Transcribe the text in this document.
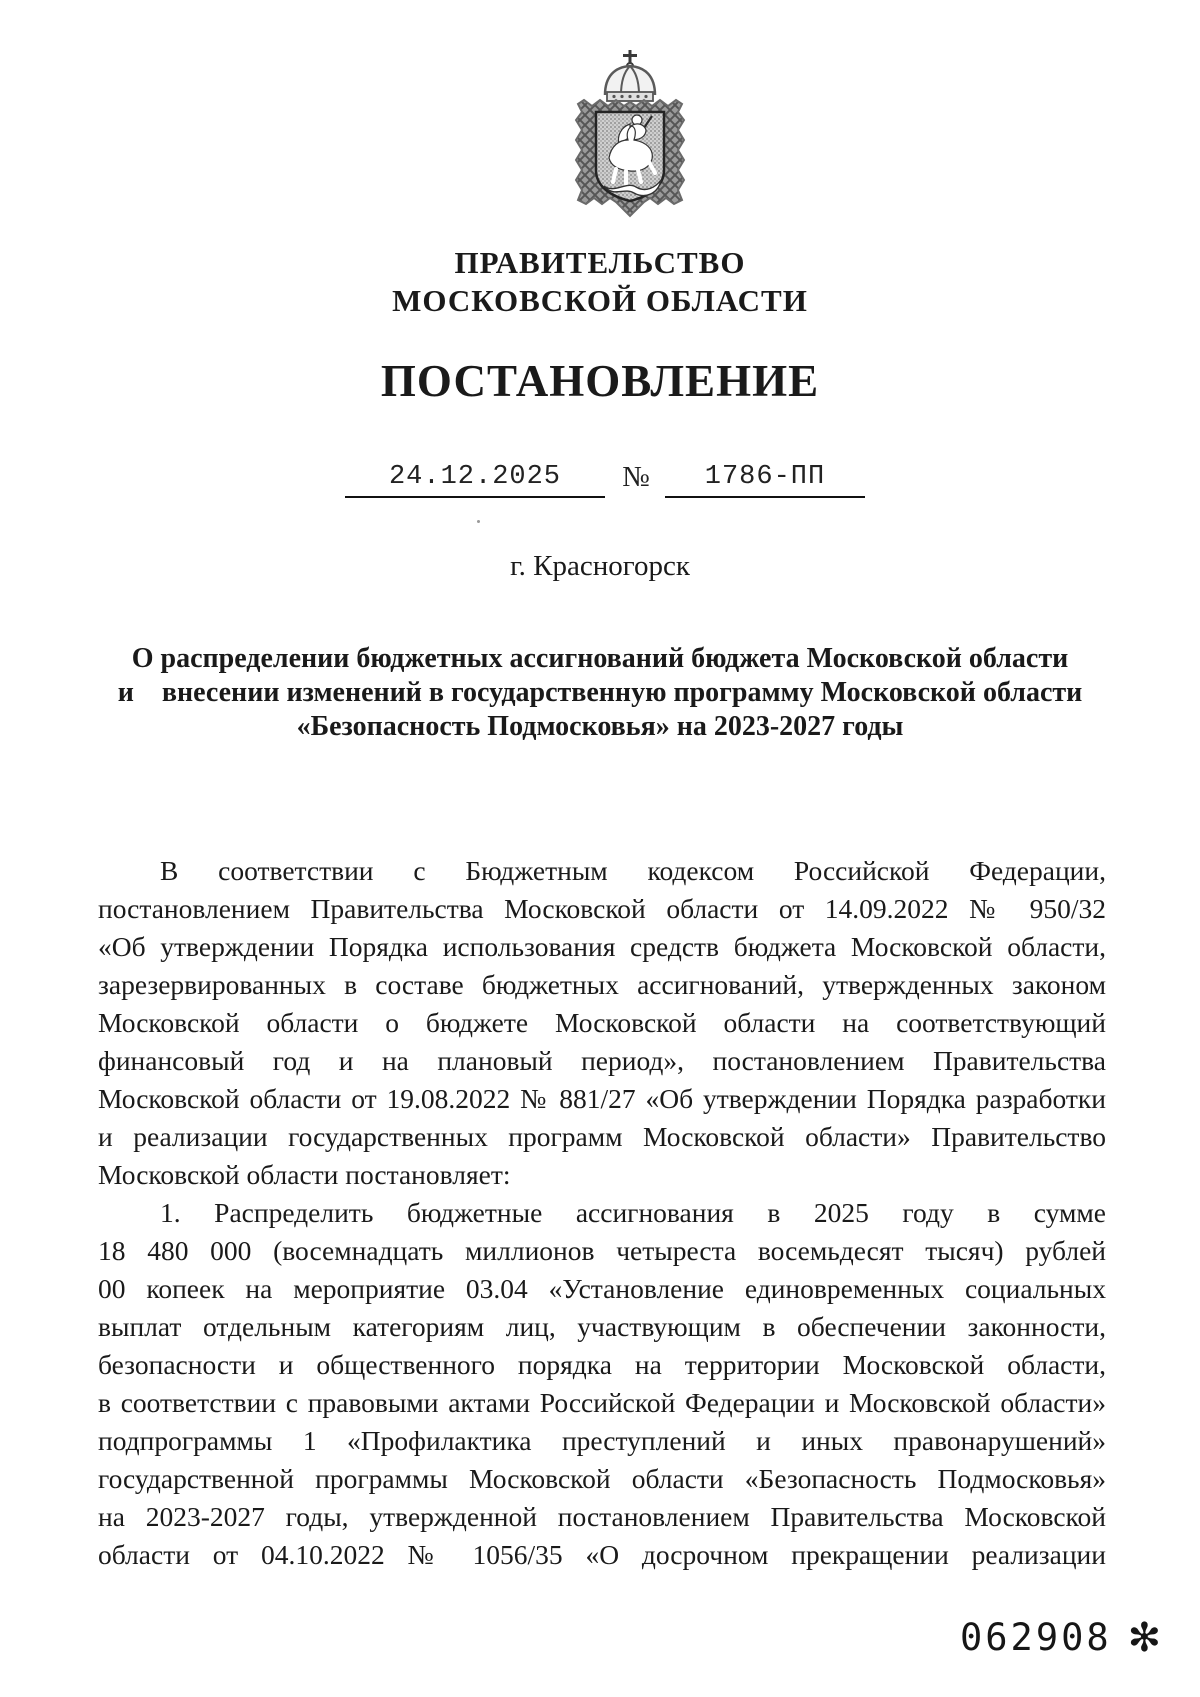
ПРАВИТЕЛЬСТВО
МОСКОВСКОЙ ОБЛАСТИ
ПОСТАНОВЛЕНИЕ
24.12.2025	№	1786-ПП
г. Красногорск
О распределении бюджетных ассигнований бюджета Московской области
и    внесении изменений в государственную программу Московской области
«Безопасность Подмосковья» на 2023-2027 годы
В соответствии с Бюджетным кодексом Российской Федерации,
постановлением Правительства Московской области от 14.09.2022 № 950/32
«Об утверждении Порядка использования средств бюджета Московской области,
зарезервированных в составе бюджетных ассигнований, утвержденных законом
Московской области о бюджете Московской области на соответствующий
финансовый год и на плановый период», постановлением Правительства
Московской области от 19.08.2022 № 881/27 «Об утверждении Порядка разработки
и реализации государственных программ Московской области» Правительство
Московской области постановляет:
1. Распределить бюджетные ассигнования в 2025 году в сумме
18 480 000 (восемнадцать миллионов четыреста восемьдесят тысяч) рублей
00 копеек на мероприятие 03.04 «Установление единовременных социальных
выплат отдельным категориям лиц, участвующим в обеспечении законности,
безопасности и общественного порядка на территории Московской области,
в соответствии с правовыми актами Российской Федерации и Московской области»
подпрограммы 1 «Профилактика преступлений и иных правонарушений»
государственной программы Московской области «Безопасность Подмосковья»
на 2023-2027 годы, утвержденной постановлением Правительства Московской
области от 04.10.2022 № 1056/35 «О досрочном прекращении реализации
062908 ✻
